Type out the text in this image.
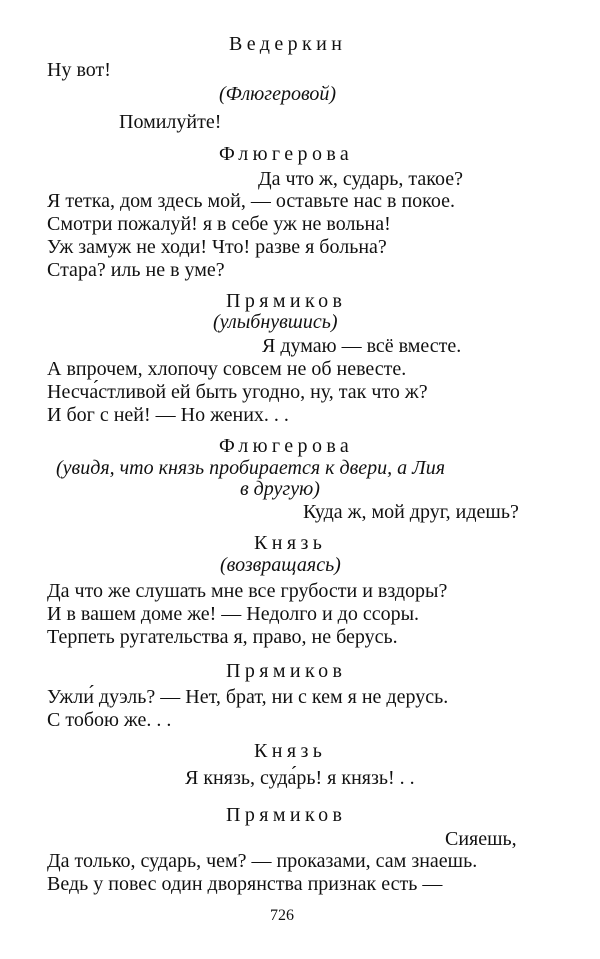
Ведеркин
Ну вот!
(Флюгеровой)
Помилуйте!
Флюгерова
Да что ж, сударь, такое?
Я тетка, дом здесь мой, — оставьте нас в покое.
Смотри пожалуй! я в себе уж не вольна!
Уж замуж не ходи! Что! разве я больна?
Стара? иль не в уме?
Прямиков
(улыбнувшись)
Я думаю — всё вместе.
А впрочем, хлопочу совсем не об невесте.
Несча́стливой ей быть угодно, ну, так что ж?
И бог с ней! — Но жених. . .
Флюгерова
(увидя, что князь пробирается к двери, а Лия
в другую)
Куда ж, мой друг, идешь?
Князь
(возвращаясь)
Да что же слушать мне все грубости и вздоры?
И в вашем доме же! — Недолго и до ссоры.
Терпеть ругательства я, право, не берусь.
Прямиков
Ужли́ дуэль? — Нет, брат, ни с кем я не дерусь.
С тобою же. . .
Князь
Я князь, суда́рь! я князь! . .
Прямиков
Сияешь,
Да только, сударь, чем? — проказами, сам знаешь.
Ведь у повес один дворянства признак есть —
726
